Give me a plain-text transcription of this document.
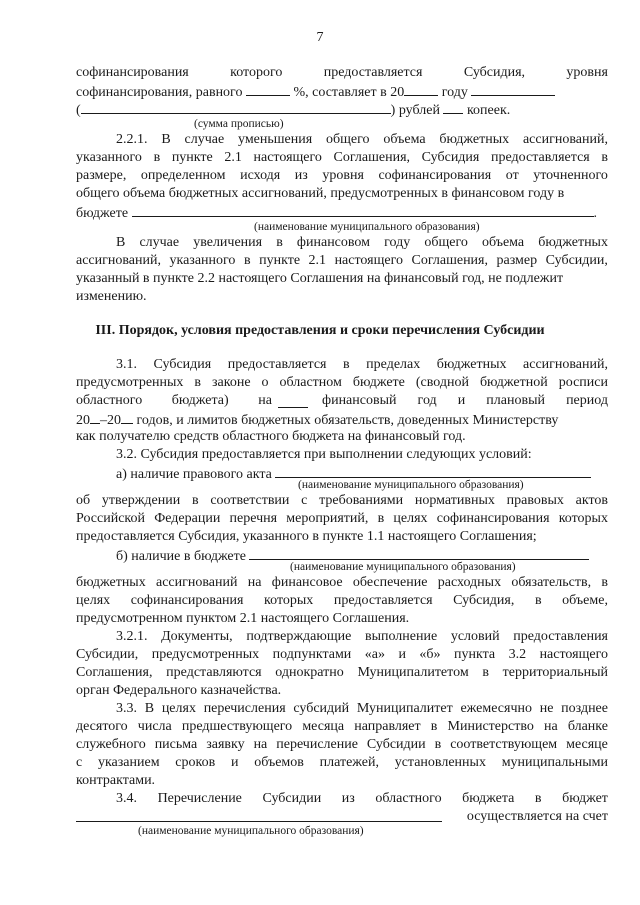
7
софинансирования	которого	предоставляется	Субсидия,	уровня
софинансирования, равного	%, составляет в 20	году
(	) рублей копеек.
(сумма прописью)
2.2.1. В случае уменьшения общего объема бюджетных ассигнований,
указанного в пункте 2.1 настоящего Соглашения, Субсидия предоставляется в
размере, определенном исходя из уровня софинансирования от уточненного
общего объема бюджетных ассигнований, предусмотренных в финансовом году в
бюджете	.
(наименование муниципального образования)
В случае увеличения в финансовом году общего объема бюджетных
ассигнований, указанного в пункте 2.1 настоящего Соглашения, размер Субсидии,
указанный в пункте 2.2 настоящего Соглашения на финансовый год, не подлежит
изменению.
III. Порядок, условия предоставления и сроки перечисления Субсидии
3.1. Субсидия предоставляется в пределах бюджетных ассигнований,
предусмотренных в законе о областном бюджете (сводной бюджетной росписи
областного бюджета) на	финансовый год и плановый период
20 –20 годов, и лимитов бюджетных обязательств, доведенных Министерству
как получателю средств областного бюджета на финансовый год.
3.2. Субсидия предоставляется при выполнении следующих условий:
а) наличие правового акта
(наименование муниципального образования)
об утверждении в соответствии с требованиями нормативных правовых актов
Российской Федерации перечня мероприятий, в целях софинансирования которых
предоставляется Субсидия, указанного в пункте 1.1 настоящего Соглашения;
б) наличие в бюджете
(наименование муниципального образования)
бюджетных ассигнований на финансовое обеспечение расходных обязательств, в
целях софинансирования которых предоставляется Субсидия, в объеме,
предусмотренном пунктом 2.1 настоящего Соглашения.
3.2.1. Документы, подтверждающие выполнение условий предоставления
Субсидии, предусмотренных подпунктами «а» и «б» пункта 3.2 настоящего
Соглашения, представляются однократно Муниципалитетом в территориальный
орган Федерального казначейства.
3.3. В целях перечисления субсидий Муниципалитет ежемесячно не позднее
десятого числа предшествующего месяца направляет в Министерство на бланке
служебного письма заявку на перечисление Субсидии в соответствующем месяце
с указанием сроков и объемов платежей, установленных муниципальными
контрактами.
3.4. Перечисление Субсидии из областного бюджета в бюджет
осуществляется на счет
(наименование муниципального образования)
